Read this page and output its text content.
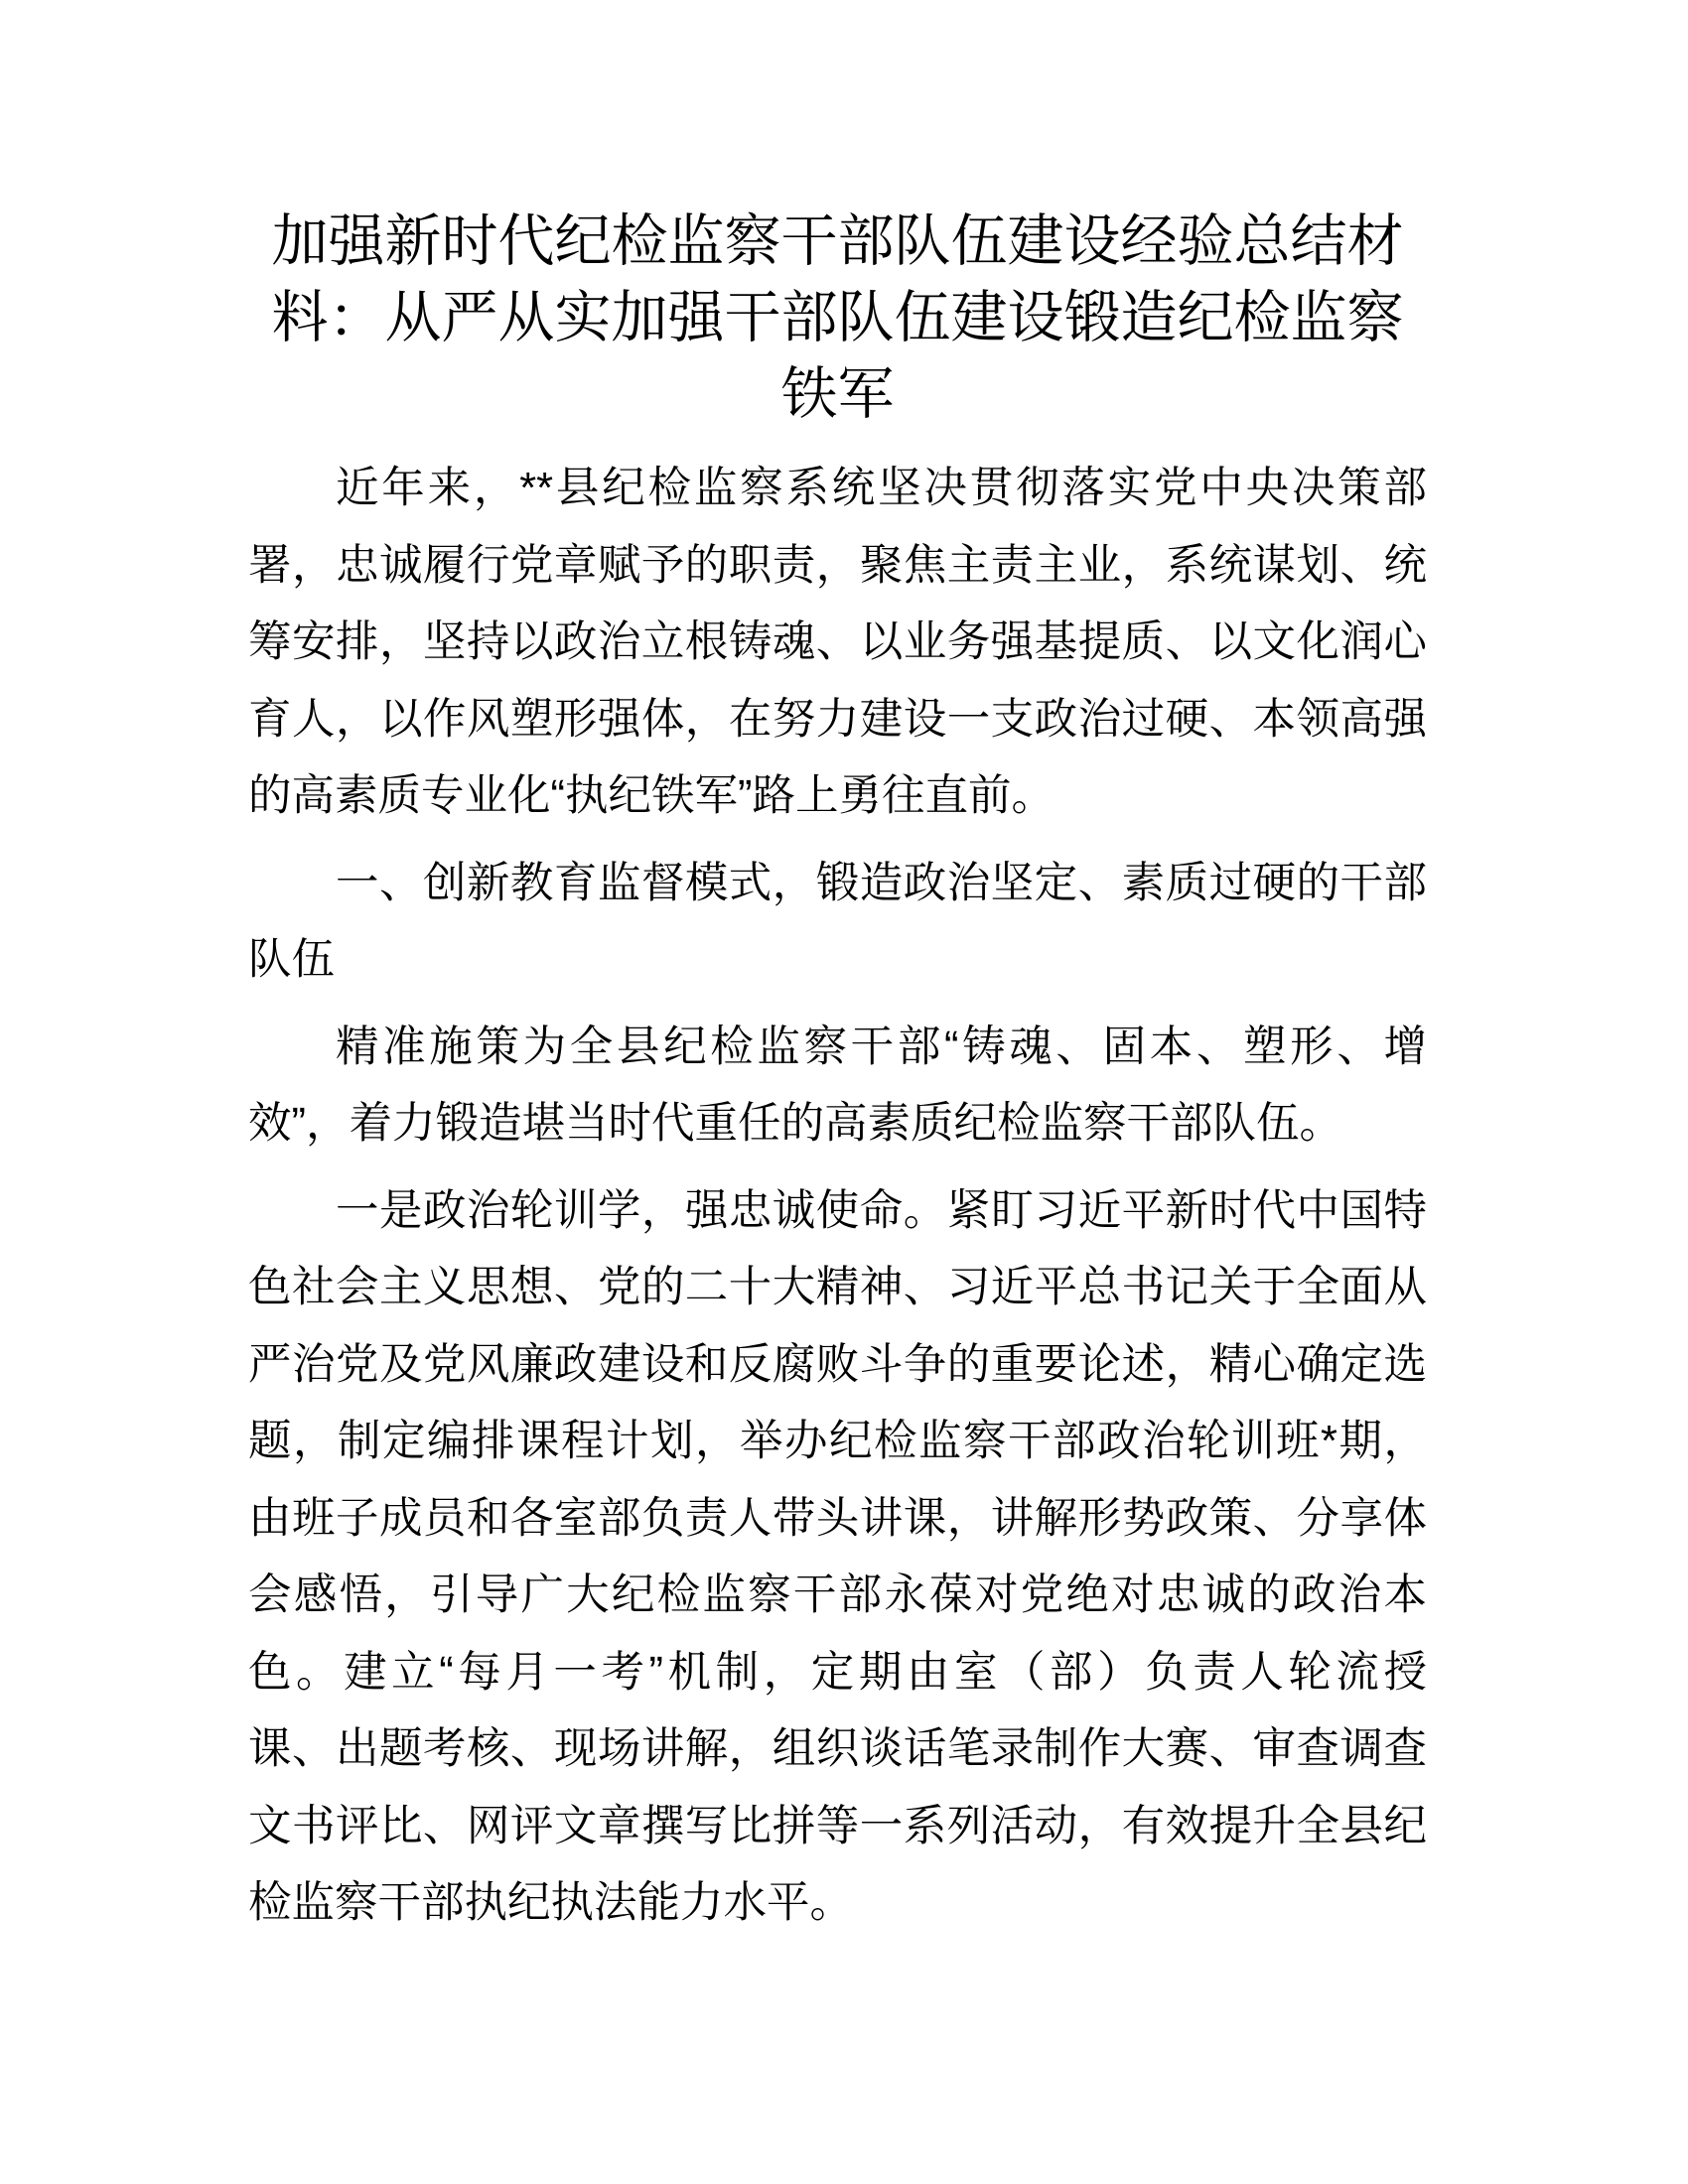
加强新时代纪检监察干部队伍建设经验总结材
料：从严从实加强干部队伍建设锻造纪检监察
铁军

近年来，**县纪检监察系统坚决贯彻落实党中央决策部
署，忠诚履行党章赋予的职责，聚焦主责主业，系统谋划、统
筹安排，坚持以政治立根铸魂、以业务强基提质、以文化润心
育人，以作风塑形强体，在努力建设一支政治过硬、本领高强
的高素质专业化“执纪铁军”路上勇往直前。

一、创新教育监督模式，锻造政治坚定、素质过硬的干部
队伍

精准施策为全县纪检监察干部“铸魂、固本、塑形、增
效”，着力锻造堪当时代重任的高素质纪检监察干部队伍。

一是政治轮训学，强忠诚使命。紧盯习近平新时代中国特
色社会主义思想、党的二十大精神、习近平总书记关于全面从
严治党及党风廉政建设和反腐败斗争的重要论述，精心确定选
题，制定编排课程计划，举办纪检监察干部政治轮训班*期，
由班子成员和各室部负责人带头讲课，讲解形势政策、分享体
会感悟，引导广大纪检监察干部永葆对党绝对忠诚的政治本
色。建立“每月一考”机制，定期由室（部）负责人轮流授
课、出题考核、现场讲解，组织谈话笔录制作大赛、审查调查
文书评比、网评文章撰写比拼等一系列活动，有效提升全县纪
检监察干部执纪执法能力水平。
